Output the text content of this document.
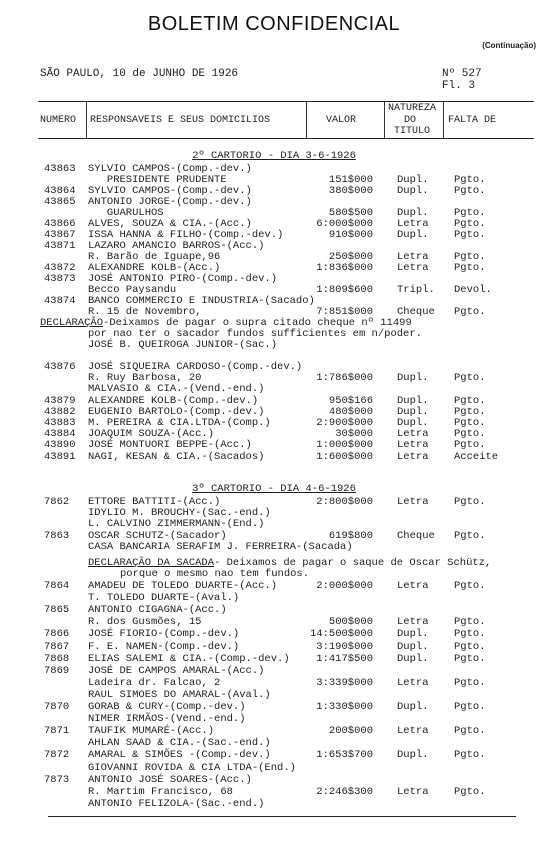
BOLETIM CONFIDENCIAL
(Continuação)
SÃO PAULO, 10 de JUNHO DE 1926	Nº 527
Fl. 3
NUMERO RESPONSAVEIS E SEUS DOMICILIOS	VALOR
NATUREZA
DO
TITULO
FALTA DE
2º CARTORIO - DIA 3-6-1926
43863 SYLVIO CAMPOS-(Comp.-dev.)
PRESIDENTE PRUDENTE	151$000 Dupl. Pgto.
43864 SYLVIO CAMPOS-(Comp.-dev.)	380$000 Dupl. Pgto.
43865 ANTONIO JORGE-(Comp.-dev.)
GUARULHOS	580$500 Dupl. Pgto.
43866 ALVES, SOUZA & CIA.-(Acc.)	6:000$000 Letra Pgto.
43867 ISSA HANNA & FILHO-(Comp.-dev.)	910$000 Dupl. Pgto.
43871 LAZARO AMANCIO BARROS-(Acc.)
R. Barão de Iguape,96	250$000 Letra Pgto.
43872 ALEXANDRE KOLB-(Acc.)	1:836$000 Letra Pgto.
43873 JOSÉ ANTONIO PIRO-(Comp.-dev.)
Becco Paysandu	1:809$600 Tripl. Devol.
43874 BANCO COMMERCIO E INDUSTRIA-(Sacado)
R. 15 de Novembro,	7:851$000 Cheque Pgto.
DECLARAÇÃO-Deixamos de pagar o supra citado cheque nº 11499
por nao ter o sacador fundos sufficientes em n/poder.
JOSÉ B. QUEIROGA JUNIOR-(Sac.)
43876 JOSÉ SIQUEIRA CARDOSO-(Comp.-dev.)
R. Ruy Barbosa, 20	1:786$000 Dupl. Pgto.
MALVASIO & CIA.-(Vend.-end.)
43879 ALEXANDRE KOLB-(Comp.-dev.)	950$166 Dupl. Pgto.
43882 EUGENIO BARTOLO-(Comp.-dev.)	480$000 Dupl. Pgto.
43883 M. PEREIRA & CIA.LTDA-(Comp.)	2:900$000 Dupl. Pgto.
43884 JOAQUIM SOUZA-(Acc.)	30$000 Letra Pgto.
43890 JOSÉ MONTUORI BEPPE-(Acc.)	1:000$000 Letra Pgto.
43891 NAGI, KESAN & CIA.-(Sacados)	1:600$000 Letra Acceite
3º CARTORIO - DIA 4-6-1926
7862 ETTORE BATTITI-(Acc.)	2:800$000 Letra Pgto.
IDYLIO M. BROUCHY-(Sac.-end.)
L. CALVINO ZIMMERMANN-(End.)
7863 OSCAR SCHUTZ-(Sacador)	619$800 Cheque Pgto.
CASA BANCARIA SERAFIM J. FERREIRA-(Sacada)
DECLARAÇÃO DA SACADA- Deixamos de pagar o saque de Oscar Schütz,
porque o mesmo nao tem fundos.
7864 AMADEU DE TOLEDO DUARTE-(Acc.)	2:000$000 Letra Pgto.
T. TOLEDO DUARTE-(Aval.)
7865 ANTONIO CIGAGNA-(Acc.)
R. dos Gusmões, 15	500$000 Letra Pgto.
7866 JOSÉ FIORIO-(Comp.-dev.)	14:500$000 Dupl. Pgto.
7867 F. E. NAMEN-(Comp.-dev.)	3:190$000 Dupl. Pgto.
7868 ELIAS SALEMI & CIA.-(Comp.-dev.)	1:417$500 Dupl. Pgto.
7869 JOSÉ DE CAMPOS AMARAL-(Acc.)
Ladeira dr. Falcao, 2	3:339$000 Letra Pgto.
RAUL SIMOES DO AMARAL-(Aval.)
7870 GORAB & CURY-(Comp.-dev.)	1:330$000 Dupl. Pgto.
NIMER IRMÃOS-(Vend.-end.)
7871 TAUFIK MUMARÉ-(Acc.)	200$000 Letra Pgto.
AHLAN SAAD & CIA.-(Sac.-end.)
7872 AMARAL & SIMÕES -(Comp.-dev.)	1:653$700 Dupl. Pgto.
GIOVANNI ROVIDA & CIA LTDA-(End.)
7873 ANTONIO JOSÉ SOARES-(Acc.)
R. Martim Francisco, 68	2:246$300 Letra Pgto.
ANTONIO FELIZOLA-(Sac.-end.)
